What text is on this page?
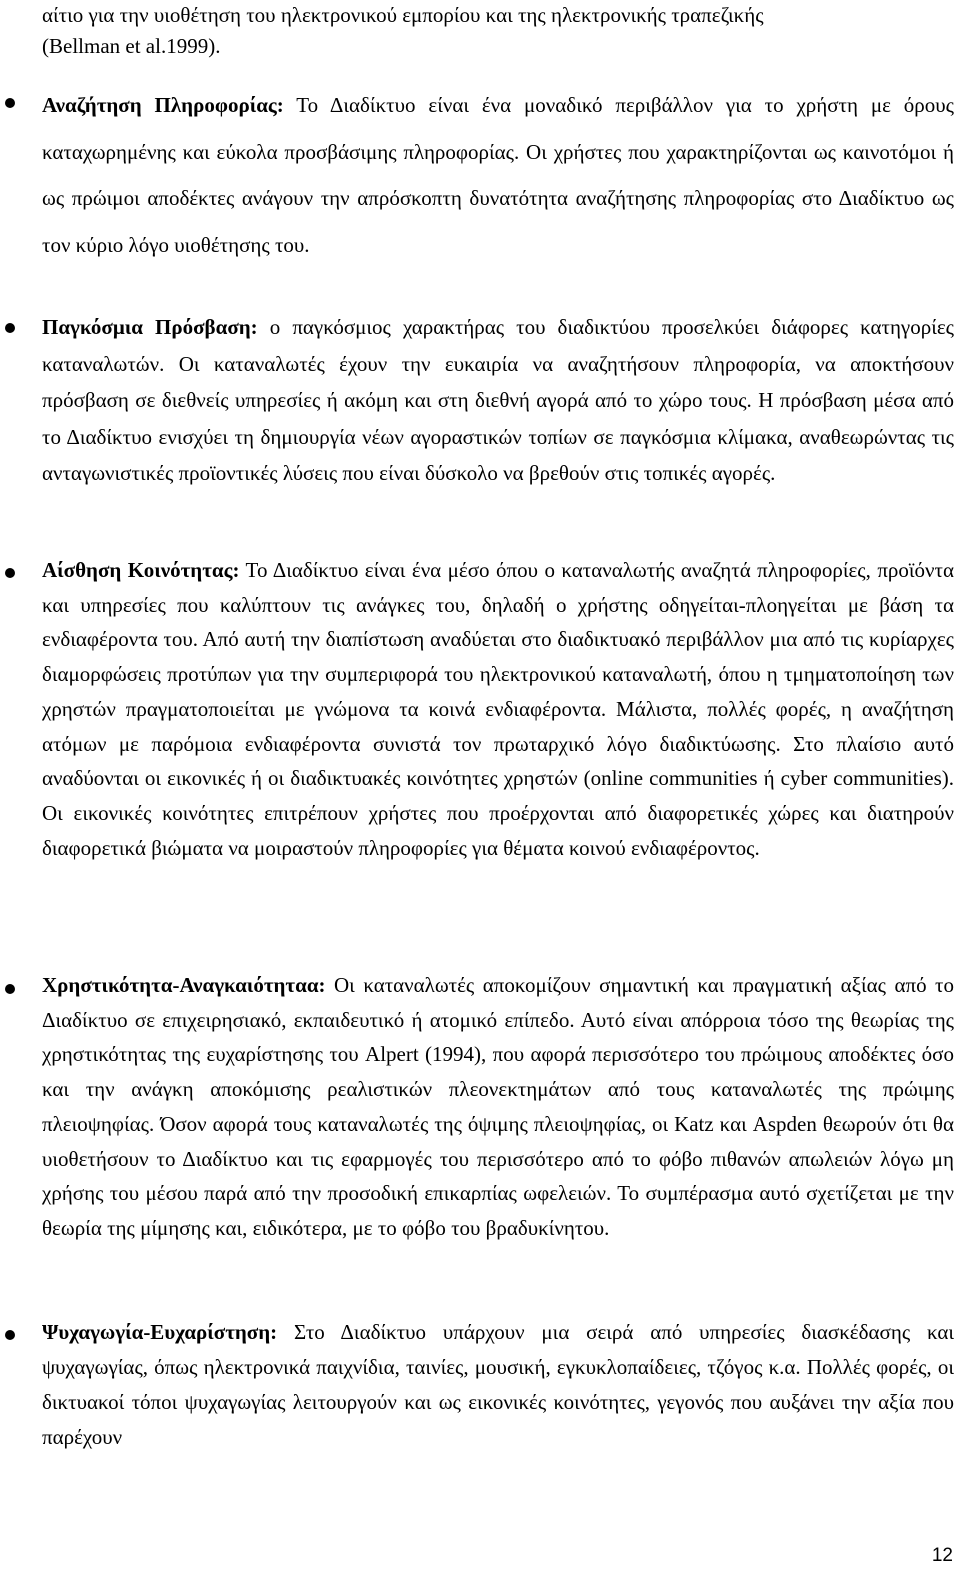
αίτιο για την υιοθέτηση του ηλεκτρονικού εμπορίου και της ηλεκτρονικής τραπεζικής
(Bellman et al.1999).
Αναζήτηση Πληροφορίας: Το Διαδίκτυο είναι ένα μοναδικό περιβάλλον για το χρήστη με όρους καταχωρημένης και εύκολα προσβάσιμης πληροφορίας. Οι χρήστες που χαρακτηρίζονται ως καινοτόμοι ή ως πρώιμοι αποδέκτες ανάγουν την απρόσκοπτη δυνατότητα αναζήτησης πληροφορίας στο Διαδίκτυο ως τον κύριο λόγο υιοθέτησης του.
Παγκόσμια Πρόσβαση: ο παγκόσμιος χαρακτήρας του διαδικτύου προσελκύει διάφορες κατηγορίες καταναλωτών. Οι καταναλωτές έχουν την ευκαιρία να αναζητήσουν πληροφορία, να αποκτήσουν πρόσβαση σε διεθνείς υπηρεσίες ή ακόμη και στη διεθνή αγορά από το χώρο τους. Η πρόσβαση μέσα από το Διαδίκτυο ενισχύει τη δημιουργία νέων αγοραστικών τοπίων σε παγκόσμια κλίμακα, αναθεωρώντας τις ανταγωνιστικές προϊοντικές λύσεις που είναι δύσκολο να βρεθούν στις τοπικές αγορές.
Αίσθηση Κοινότητας: Το Διαδίκτυο είναι ένα μέσο όπου ο καταναλωτής αναζητά πληροφορίες, προϊόντα και υπηρεσίες που καλύπτουν τις ανάγκες του, δηλαδή ο χρήστης οδηγείται-πλοηγείται με βάση τα ενδιαφέροντα του. Από αυτή την διαπίστωση αναδύεται στο διαδικτυακό περιβάλλον μια από τις κυρίαρχες διαμορφώσεις προτύπων για την συμπεριφορά του ηλεκτρονικού καταναλωτή, όπου η τμηματοποίηση των χρηστών πραγματοποιείται με γνώμονα τα κοινά ενδιαφέροντα. Μάλιστα, πολλές φορές, η αναζήτηση ατόμων με παρόμοια ενδιαφέροντα συνιστά τον πρωταρχικό λόγο διαδικτύωσης. Στο πλαίσιο αυτό αναδύονται οι εικονικές ή οι διαδικτυακές κοινότητες χρηστών (online communities ή cyber communities). Οι εικονικές κοινότητες επιτρέπουν χρήστες που προέρχονται από διαφορετικές χώρες και διατηρούν διαφορετικά βιώματα να μοιραστούν πληροφορίες για θέματα κοινού ενδιαφέροντος.
Χρηστικότητα-Αναγκαιότηταα: Οι καταναλωτές αποκομίζουν σημαντική και πραγματική αξίας από το Διαδίκτυο σε επιχειρησιακό, εκπαιδευτικό ή ατομικό επίπεδο. Αυτό είναι απόρροια τόσο της θεωρίας της χρηστικότητας της ευχαρίστησης του Alpert (1994), που αφορά περισσότερο του πρώιμους αποδέκτες όσο και την ανάγκη αποκόμισης ρεαλιστικών πλεονεκτημάτων από τους καταναλωτές της πρώιμης πλειοψηφίας. Όσον αφορά τους καταναλωτές της όψιμης πλειοψηφίας, οι Katz και Aspden θεωρούν ότι θα υιοθετήσουν το Διαδίκτυο και τις εφαρμογές του περισσότερο από το φόβο πιθανών απωλειών λόγω μη χρήσης του μέσου παρά από την προσοδική επικαρπίας ωφελειών. Το συμπέρασμα αυτό σχετίζεται με την θεωρία της μίμησης και, ειδικότερα, με το φόβο του βραδυκίνητου.
Ψυχαγωγία-Ευχαρίστηση: Στο Διαδίκτυο υπάρχουν μια σειρά από υπηρεσίες διασκέδασης και ψυχαγωγίας, όπως ηλεκτρονικά παιχνίδια, ταινίες, μουσική, εγκυκλοπαίδειες, τζόγος κ.α. Πολλές φορές, οι δικτυακοί τόποι ψυχαγωγίας λειτουργούν και ως εικονικές κοινότητες, γεγονός που αυξάνει την αξία που παρέχουν
12
